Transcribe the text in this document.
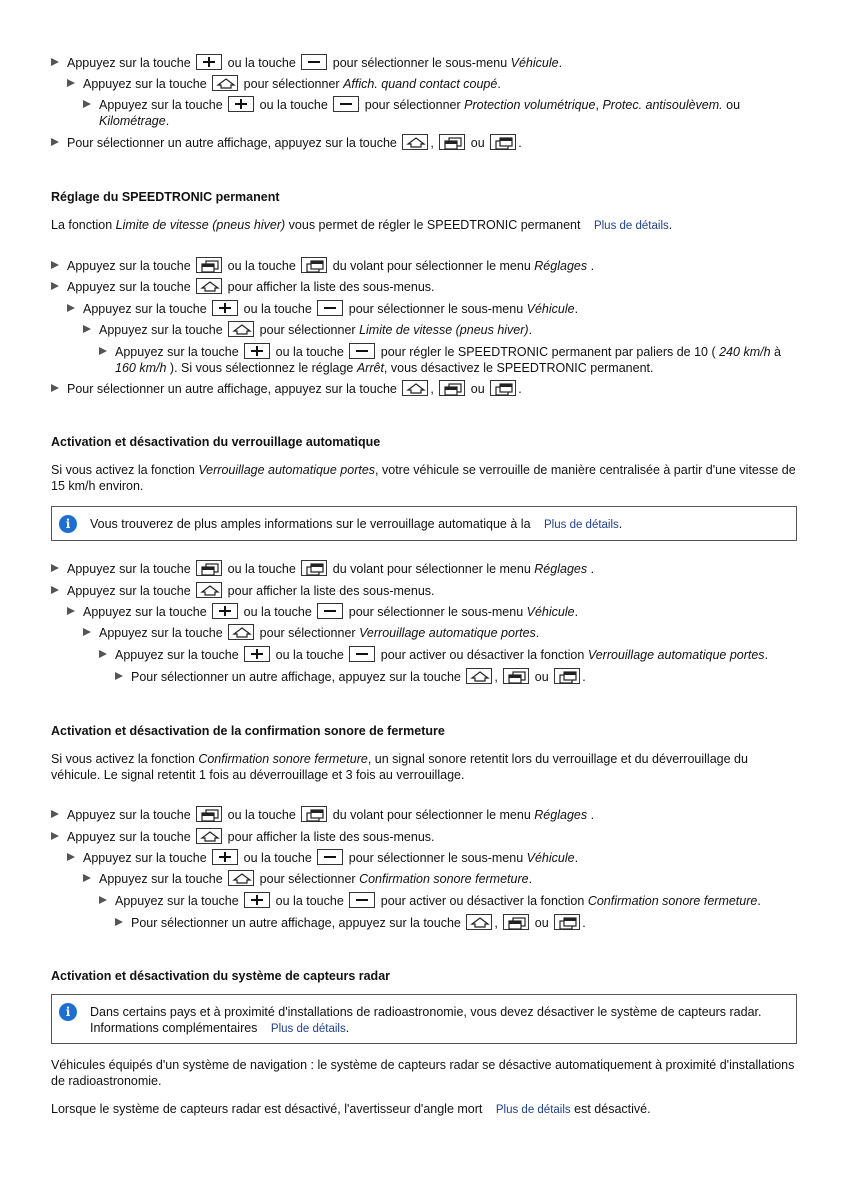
Appuyez sur la touche	ou la touche	pour sélectionner le sous-menu Véhicule.
Appuyez sur la touche	pour sélectionner Affich. quand contact coupé.
Appuyez sur la touche	ou la touche	pour sélectionner Protection volumétrique, Protec. antisoulèvem. ou Kilométrage.
Pour sélectionner un autre affichage, appuyez sur la touche	,	ou	.
Réglage du SPEEDTRONIC permanent
La fonction Limite de vitesse (pneus hiver) vous permet de régler le SPEEDTRONIC permanent Plus de détails.
Appuyez sur la touche	ou la touche	du volant pour sélectionner le menu Réglages .
Appuyez sur la touche	pour afficher la liste des sous-menus.
Appuyez sur la touche	ou la touche	pour sélectionner le sous-menu Véhicule.
Appuyez sur la touche	pour sélectionner Limite de vitesse (pneus hiver).
Appuyez sur la touche	ou la touche	pour régler le SPEEDTRONIC permanent par paliers de 10 ( 240 km/h à 160 km/h ). Si vous sélectionnez le réglage Arrêt, vous désactivez le SPEEDTRONIC permanent.
Pour sélectionner un autre affichage, appuyez sur la touche	,	ou	.
Activation et désactivation du verrouillage automatique
Si vous activez la fonction Verrouillage automatique portes, votre véhicule se verrouille de manière centralisée à partir d'une vitesse de 15 km/h environ.
i	Vous trouverez de plus amples informations sur le verrouillage automatique à la Plus de détails.
Appuyez sur la touche	ou la touche	du volant pour sélectionner le menu Réglages .
Appuyez sur la touche	pour afficher la liste des sous-menus.
Appuyez sur la touche	ou la touche	pour sélectionner le sous-menu Véhicule.
Appuyez sur la touche	pour sélectionner Verrouillage automatique portes.
Appuyez sur la touche	ou la touche	pour activer ou désactiver la fonction Verrouillage automatique portes.
Pour sélectionner un autre affichage, appuyez sur la touche	,	ou	.
Activation et désactivation de la confirmation sonore de fermeture
Si vous activez la fonction Confirmation sonore fermeture, un signal sonore retentit lors du verrouillage et du déverrouillage du véhicule. Le signal retentit 1 fois au déverrouillage et 3 fois au verrouillage.
Appuyez sur la touche	ou la touche	du volant pour sélectionner le menu Réglages .
Appuyez sur la touche	pour afficher la liste des sous-menus.
Appuyez sur la touche	ou la touche	pour sélectionner le sous-menu Véhicule.
Appuyez sur la touche	pour sélectionner Confirmation sonore fermeture.
Appuyez sur la touche	ou la touche	pour activer ou désactiver la fonction Confirmation sonore fermeture.
Pour sélectionner un autre affichage, appuyez sur la touche	,	ou	.
Activation et désactivation du système de capteurs radar
i	Dans certains pays et à proximité d'installations de radioastronomie, vous devez désactiver le système de capteurs radar. Informations complémentaires Plus de détails.
Véhicules équipés d'un système de navigation : le système de capteurs radar se désactive automatiquement à proximité d'installations de radioastronomie.
Lorsque le système de capteurs radar est désactivé, l'avertisseur d'angle mort Plus de détails est désactivé.
